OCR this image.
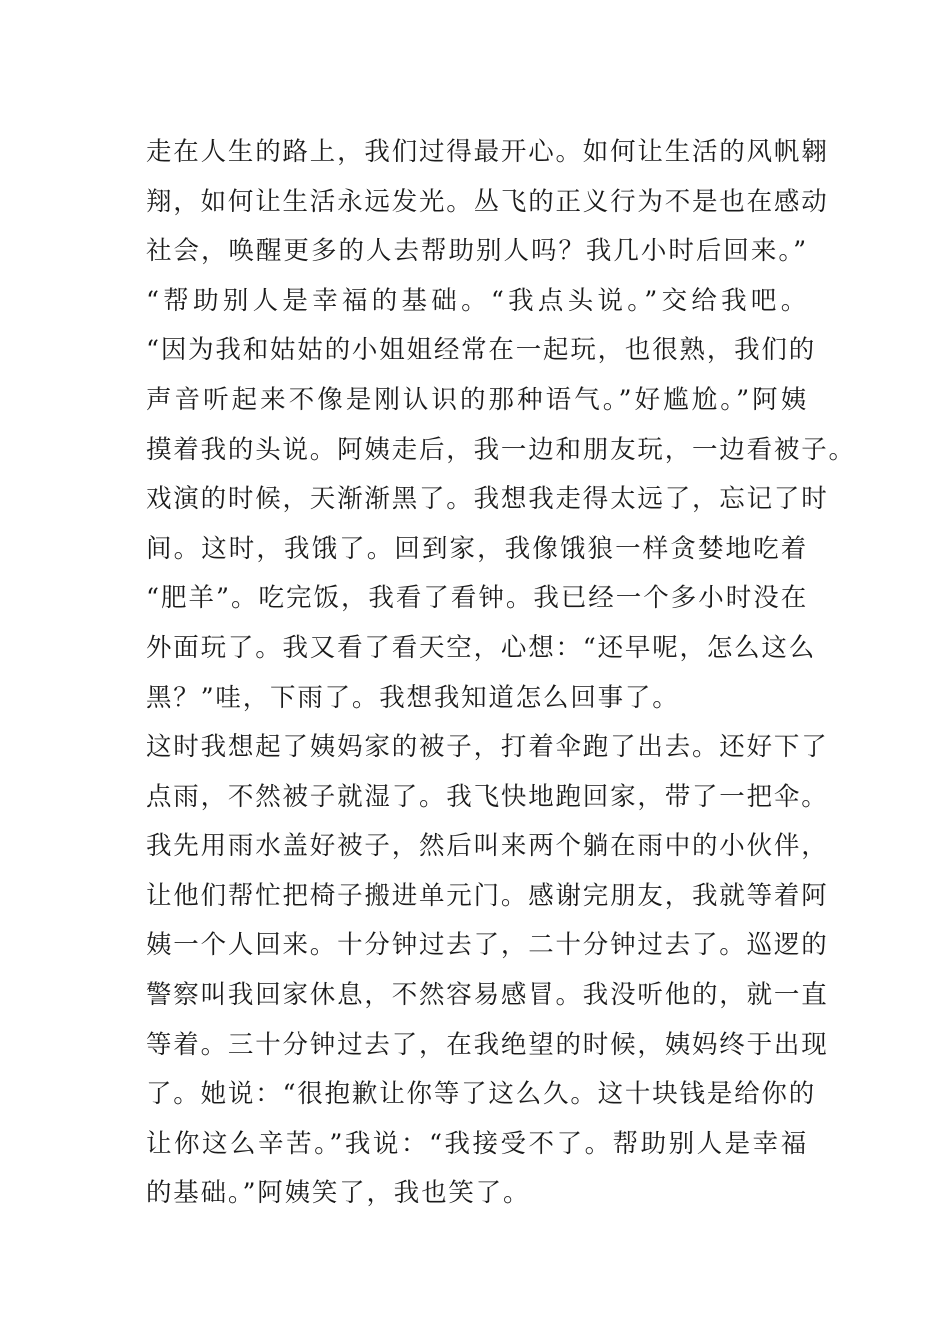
走在人生的路上，我们过得最开心。如何让生活的风帆翱
翔，如何让生活永远发光。丛飞的正义行为不是也在感动
社会，唤醒更多的人去帮助别人吗？我几小时后回来。”
“帮助别人是幸福的基础。“我点头说。”交给我吧。
“因为我和姑姑的小姐姐经常在一起玩，也很熟，我们的
声音听起来不像是刚认识的那种语气。”好尴尬。”阿姨
摸着我的头说。阿姨走后，我一边和朋友玩，一边看被子。
戏演的时候，天渐渐黑了。我想我走得太远了，忘记了时
间。这时，我饿了。回到家，我像饿狼一样贪婪地吃着
“肥羊”。吃完饭，我看了看钟。我已经一个多小时没在
外面玩了。我又看了看天空，心想：“还早呢，怎么这么
黑？”哇，下雨了。我想我知道怎么回事了。
这时我想起了姨妈家的被子，打着伞跑了出去。还好下了
点雨，不然被子就湿了。我飞快地跑回家，带了一把伞。
我先用雨水盖好被子，然后叫来两个躺在雨中的小伙伴，
让他们帮忙把椅子搬进单元门。感谢完朋友，我就等着阿
姨一个人回来。十分钟过去了，二十分钟过去了。巡逻的
警察叫我回家休息，不然容易感冒。我没听他的，就一直
等着。三十分钟过去了，在我绝望的时候，姨妈终于出现
了。她说：“很抱歉让你等了这么久。这十块钱是给你的
让你这么辛苦。”我说：“我接受不了。帮助别人是幸福
的基础。”阿姨笑了，我也笑了。
